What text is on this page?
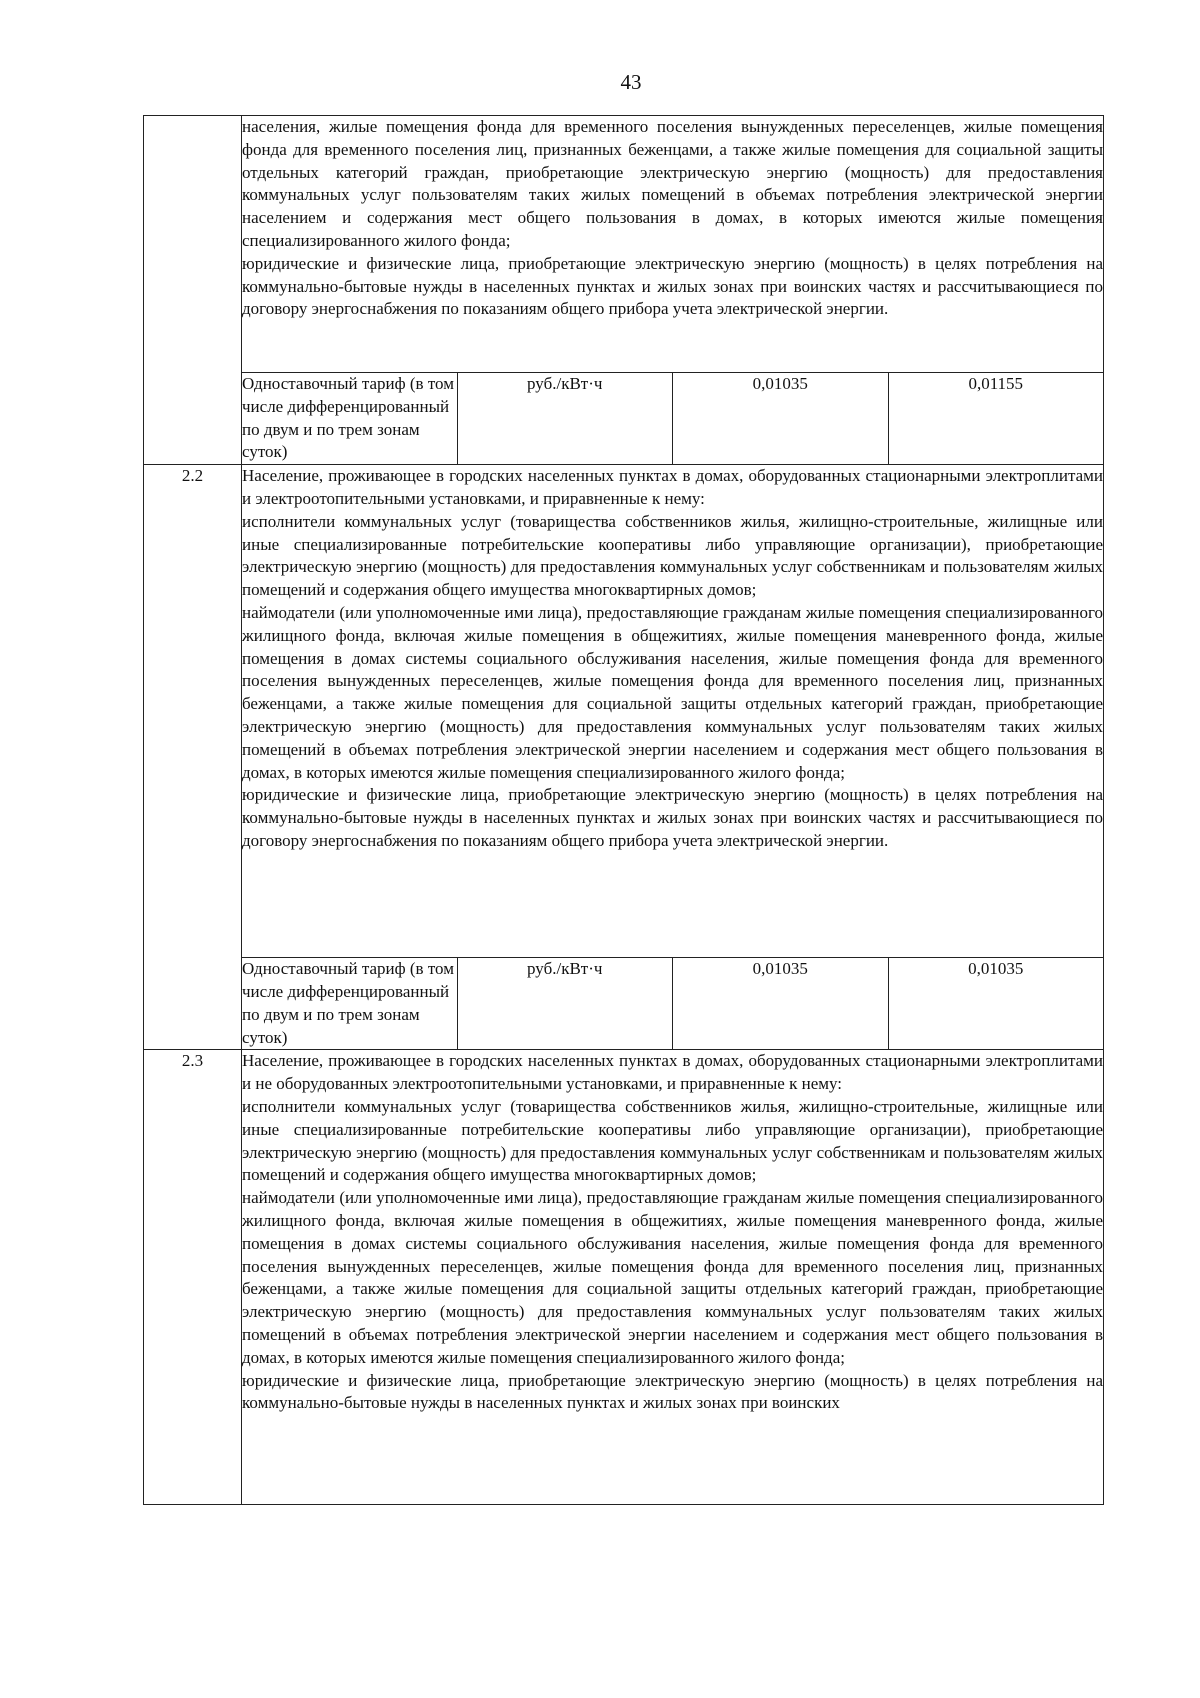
43

	населения, жилые помещения фонда для временного поселения вынужденных переселенцев, жилые помещения фонда для временного поселения лиц, признанных беженцами, а также жилые помещения для социальной защиты отдельных категорий граждан, приобретающие электрическую энергию (мощность) для предоставления коммунальных услуг пользователям таких жилых помещений в объемах потребления электрической энергии населением и содержания мест общего пользования в домах, в которых имеются жилые помещения специализированного жилого фонда;

юридические и физические лица, приобретающие электрическую энергию (мощность) в целях потребления на коммунально-бытовые нужды в населенных пунктах и жилых зонах при воинских частях и рассчитывающиеся по договору энергоснабжения по показаниям общего прибора учета электрической энергии.			

	Одноставочный тариф (в том числе дифференцированный по двум и по трем зонам суток)	руб./кВт·ч	0,01035	0,01155
2.2	Население, проживающее в городских населенных пунктах в домах, оборудованных стационарными электроплитами и электроотопительными установками, и приравненные к нему:

исполнители коммунальных услуг (товарищества собственников жилья, жилищно-строительные, жилищные или иные специализированные потребительские кооперативы либо управляющие организации), приобретающие электрическую энергию (мощность) для предоставления коммунальных услуг собственникам и пользователям жилых помещений и содержания общего имущества многоквартирных домов;

наймодатели (или уполномоченные ими лица), предоставляющие гражданам жилые помещения специализированного жилищного фонда, включая жилые помещения в общежитиях, жилые помещения маневренного фонда, жилые помещения в домах системы социального обслуживания населения, жилые помещения фонда для временного поселения вынужденных переселенцев, жилые помещения фонда для временного поселения лиц, признанных беженцами, а также жилые помещения для социальной защиты отдельных категорий граждан, приобретающие электрическую энергию (мощность) для предоставления коммунальных услуг пользователям таких жилых помещений в объемах потребления электрической энергии населением и содержания мест общего пользования в домах, в которых имеются жилые помещения специализированного жилого фонда;

юридические и физические лица, приобретающие электрическую энергию (мощность) в целях потребления на коммунально-бытовые нужды в населенных пунктах и жилых зонах при воинских частях и рассчитывающиеся по договору энергоснабжения по показаниям общего прибора учета электрической энергии.			

	Одноставочный тариф (в том числе дифференцированный по двум и по трем зонам суток)	руб./кВт·ч	0,01035	0,01035
2.3	Население, проживающее в городских населенных пунктах в домах, оборудованных стационарными электроплитами и не оборудованных электроотопительными установками, и приравненные к нему:

исполнители коммунальных услуг (товарищества собственников жилья, жилищно-строительные, жилищные или иные специализированные потребительские кооперативы либо управляющие организации), приобретающие электрическую энергию (мощность) для предоставления коммунальных услуг собственникам и пользователям жилых помещений и содержания общего имущества многоквартирных домов;

наймодатели (или уполномоченные ими лица), предоставляющие гражданам жилые помещения специализированного жилищного фонда, включая жилые помещения в общежитиях, жилые помещения маневренного фонда, жилые помещения в домах системы социального обслуживания населения, жилые помещения фонда для временного поселения вынужденных переселенцев, жилые помещения фонда для временного поселения лиц, признанных беженцами, а также жилые помещения для социальной защиты отдельных категорий граждан, приобретающие электрическую энергию (мощность) для предоставления коммунальных услуг пользователям таких жилых помещений в объемах потребления электрической энергии населением и содержания мест общего пользования в домах, в которых имеются жилые помещения специализированного жилого фонда;

юридические и физические лица, приобретающие электрическую энергию (мощность) в целях потребления на коммунально-бытовые нужды в населенных пунктах и жилых зонах при воинских			
